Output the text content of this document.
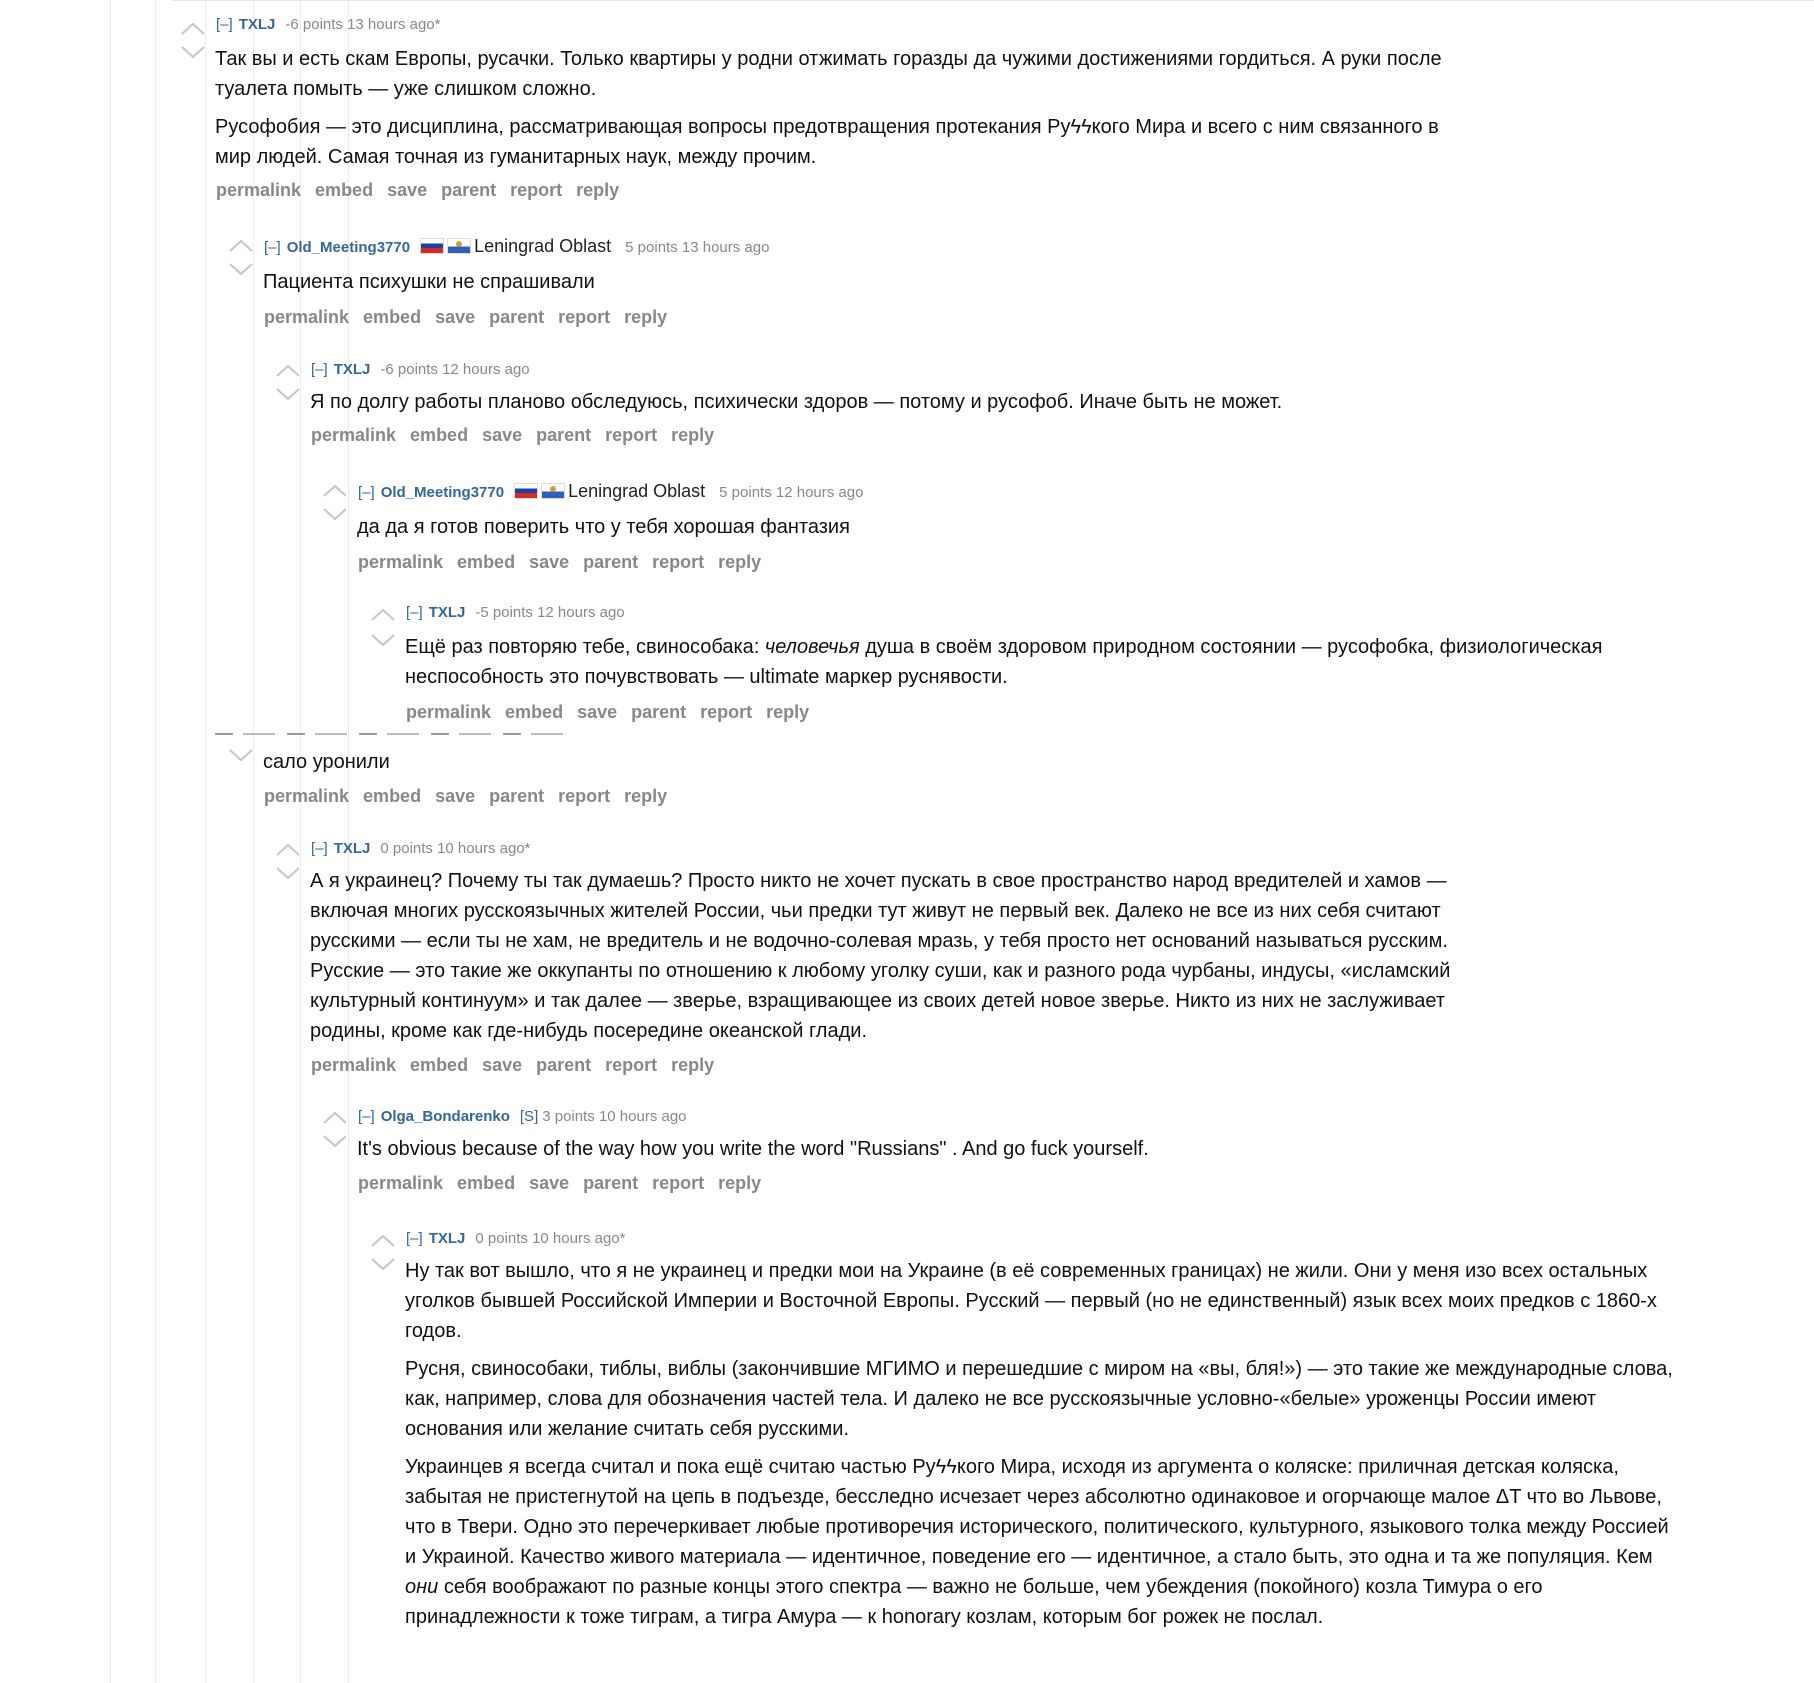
[–] TXLJ -6 points 13 hours ago*

Так вы и есть скам Европы, русачки. Только квартиры у родни отжимать горазды да чужими достижениями гордиться. А руки после туалета помыть — уже слишком сложно.

Русофобия — это дисциплина, рассматривающая вопросы предотвращения протекания Руϟϟкого Мира и всего с ним связанного в мир людей. Самая точная из гуманитарных наук, между прочим.

permalink embed save parent report reply
[–] Old_Meeting3770	Leningrad Oblast 5 points 13 hours ago

Пациента психушки не спрашивали

permalink embed save parent report reply
[–] TXLJ -6 points 12 hours ago

Я по долгу работы планово обследуюсь, психически здоров — потому и русофоб. Иначе быть не может.

permalink embed save parent report reply
[–] Old_Meeting3770	Leningrad Oblast 5 points 12 hours ago

да да я готов поверить что у тебя хорошая фантазия

permalink embed save parent report reply
[–] TXLJ -5 points 12 hours ago

Ещё раз повторяю тебе, свинособака: человечья душа в своём здоровом природном состоянии — русофобка, физиологическая неспособность это почувствовать — ultimate маркер руснявости.

permalink embed save parent report reply

сало уронили

permalink embed save parent report reply
[–] TXLJ 0 points 10 hours ago*

А я украинец? Почему ты так думаешь? Просто никто не хочет пускать в свое пространство народ вредителей и хамов — включая многих русскоязычных жителей России, чьи предки тут живут не первый век. Далеко не все из них себя считают русскими — если ты не хам, не вредитель и не водочно-солевая мразь, у тебя просто нет оснований называться русским. Русские — это такие же оккупанты по отношению к любому уголку суши, как и разного рода чурбаны, индусы, «исламский культурный континуум» и так далее — зверье, взращивающее из своих детей новое зверье. Никто из них не заслуживает родины, кроме как где-нибудь посередине океанской глади.

permalink embed save parent report reply
[–] Olga_Bondarenko [S] 3 points 10 hours ago

It's obvious because of the way how you write the word "Russians" . And go fuck yourself.

permalink embed save parent report reply
[–] TXLJ 0 points 10 hours ago*

Ну так вот вышло, что я не украинец и предки мои на Украине (в её современных границах) не жили. Они у меня изо всех остальных уголков бывшей Российской Империи и Восточной Европы. Русский — первый (но не единственный) язык всех моих предков с 1860-х годов.

Русня, свинособаки, тиблы, виблы (закончившие МГИМО и перешедшие с миром на «вы, бля!») — это такие же международные слова, как, например, слова для обозначения частей тела. И далеко не все русскоязычные условно-«белые» уроженцы России имеют основания или желание считать себя русскими.

Украинцев я всегда считал и пока ещё считаю частью Руϟϟкого Мира, исходя из аргумента о коляске: приличная детская коляска, забытая не пристегнутой на цепь в подъезде, бесследно исчезает через абсолютно одинаковое и огорчающе малое ΔT что во Львове, что в Твери. Одно это перечеркивает любые противоречия исторического, политического, культурного, языкового толка между Россией и Украиной. Качество живого материала — идентичное, поведение его — идентичное, а стало быть, это одна и та же популяция. Кем они себя воображают по разные концы этого спектра — важно не больше, чем убеждения (покойного) козла Тимура о его принадлежности к тоже тиграм, а тигра Амура — к honorary козлам, которым бог рожек не послал.
